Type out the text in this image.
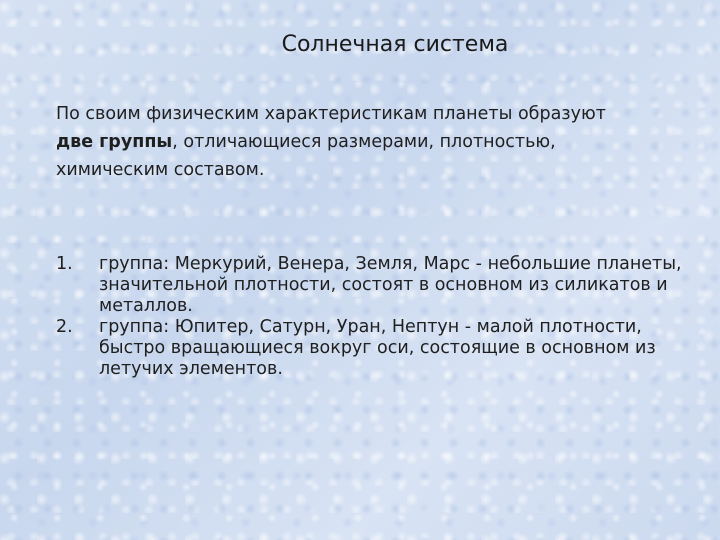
Солнечная система

По своим физическим характеристикам планеты образуют две группы, отличающиеся размерами, плотностью, химическим составом.

1.	группа: Меркурий, Венера, Земля, Марс - небольшие планеты, значительной плотности, состоят в основном из силикатов и металлов.
2.	группа: Юпитер, Сатурн, Уран, Нептун - малой плотности, быстро вращающиеся вокруг оси, состоящие в основном из летучих элементов.
